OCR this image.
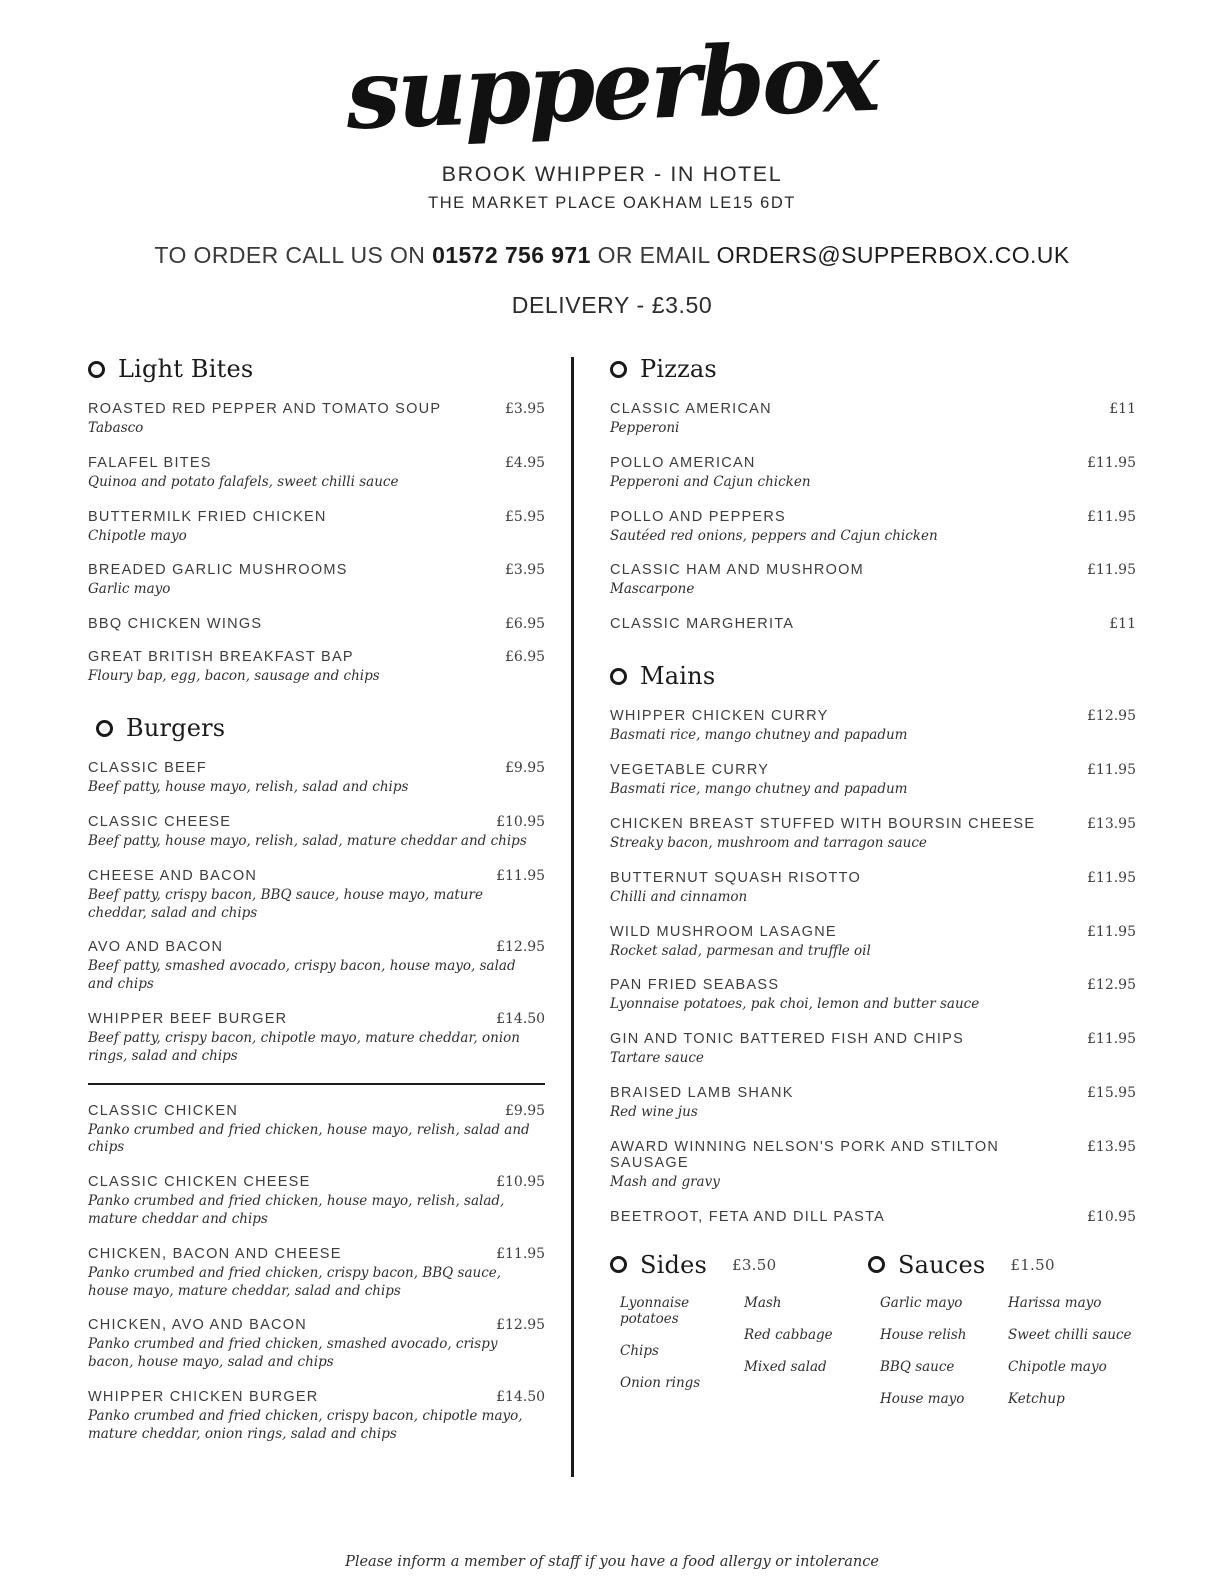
supperbox
BROOK WHIPPER - IN HOTEL
THE MARKET PLACE OAKHAM LE15 6DT
TO ORDER CALL US ON 01572 756 971 OR EMAIL ORDERS@SUPPERBOX.CO.UK
DELIVERY - £3.50
Light Bites
ROASTED RED PEPPER AND TOMATO SOUP	£3.95
Tabasco
FALAFEL BITES	£4.95
Quinoa and potato falafels, sweet chilli sauce
BUTTERMILK FRIED CHICKEN	£5.95
Chipotle mayo
BREADED GARLIC MUSHROOMS	£3.95
Garlic mayo
BBQ CHICKEN WINGS	£6.95
GREAT BRITISH BREAKFAST BAP	£6.95
Floury bap, egg, bacon, sausage and chips
Burgers
CLASSIC BEEF	£9.95
Beef patty, house mayo, relish, salad and chips
CLASSIC CHEESE	£10.95
Beef patty, house mayo, relish, salad, mature cheddar and chips
CHEESE AND BACON	£11.95
Beef patty, crispy bacon, BBQ sauce, house mayo, mature cheddar, salad and chips
AVO AND BACON	£12.95
Beef patty, smashed avocado, crispy bacon, house mayo, salad and chips
WHIPPER BEEF BURGER	£14.50
Beef patty, crispy bacon, chipotle mayo, mature cheddar, onion rings, salad and chips
CLASSIC CHICKEN	£9.95
Panko crumbed and fried chicken, house mayo, relish, salad and chips
CLASSIC CHICKEN CHEESE	£10.95
Panko crumbed and fried chicken, house mayo, relish, salad, mature cheddar and chips
CHICKEN, BACON AND CHEESE	£11.95
Panko crumbed and fried chicken, crispy bacon, BBQ sauce, house mayo, mature cheddar, salad and chips
CHICKEN, AVO AND BACON	£12.95
Panko crumbed and fried chicken, smashed avocado, crispy bacon, house mayo, salad and chips
WHIPPER CHICKEN BURGER	£14.50
Panko crumbed and fried chicken, crispy bacon, chipotle mayo, mature cheddar, onion rings, salad and chips
Pizzas
CLASSIC AMERICAN	£11
Pepperoni
POLLO AMERICAN	£11.95
Pepperoni and Cajun chicken
POLLO AND PEPPERS	£11.95
Sautéed red onions, peppers and Cajun chicken
CLASSIC HAM AND MUSHROOM	£11.95
Mascarpone
CLASSIC MARGHERITA	£11
Mains
WHIPPER CHICKEN CURRY	£12.95
Basmati rice, mango chutney and papadum
VEGETABLE CURRY	£11.95
Basmati rice, mango chutney and papadum
CHICKEN BREAST STUFFED WITH BOURSIN CHEESE	£13.95
Streaky bacon, mushroom and tarragon sauce
BUTTERNUT SQUASH RISOTTO	£11.95
Chilli and cinnamon
WILD MUSHROOM LASAGNE	£11.95
Rocket salad, parmesan and truffle oil
PAN FRIED SEABASS	£12.95
Lyonnaise potatoes, pak choi, lemon and butter sauce
GIN AND TONIC BATTERED FISH AND CHIPS	£11.95
Tartare sauce
BRAISED LAMB SHANK	£15.95
Red wine jus
AWARD WINNING NELSON'S PORK AND STILTON SAUSAGE
£13.95
Mash and gravy
BEETROOT, FETA AND DILL PASTA	£10.95
Sides £3.50
Lyonnaise potatoes
Chips
Onion rings
Mash
Red cabbage
Mixed salad
Sauces £1.50
Garlic mayo
House relish
BBQ sauce
House mayo
Harissa mayo
Sweet chilli sauce
Chipotle mayo
Ketchup
Please inform a member of staff if you have a food allergy or intolerance
